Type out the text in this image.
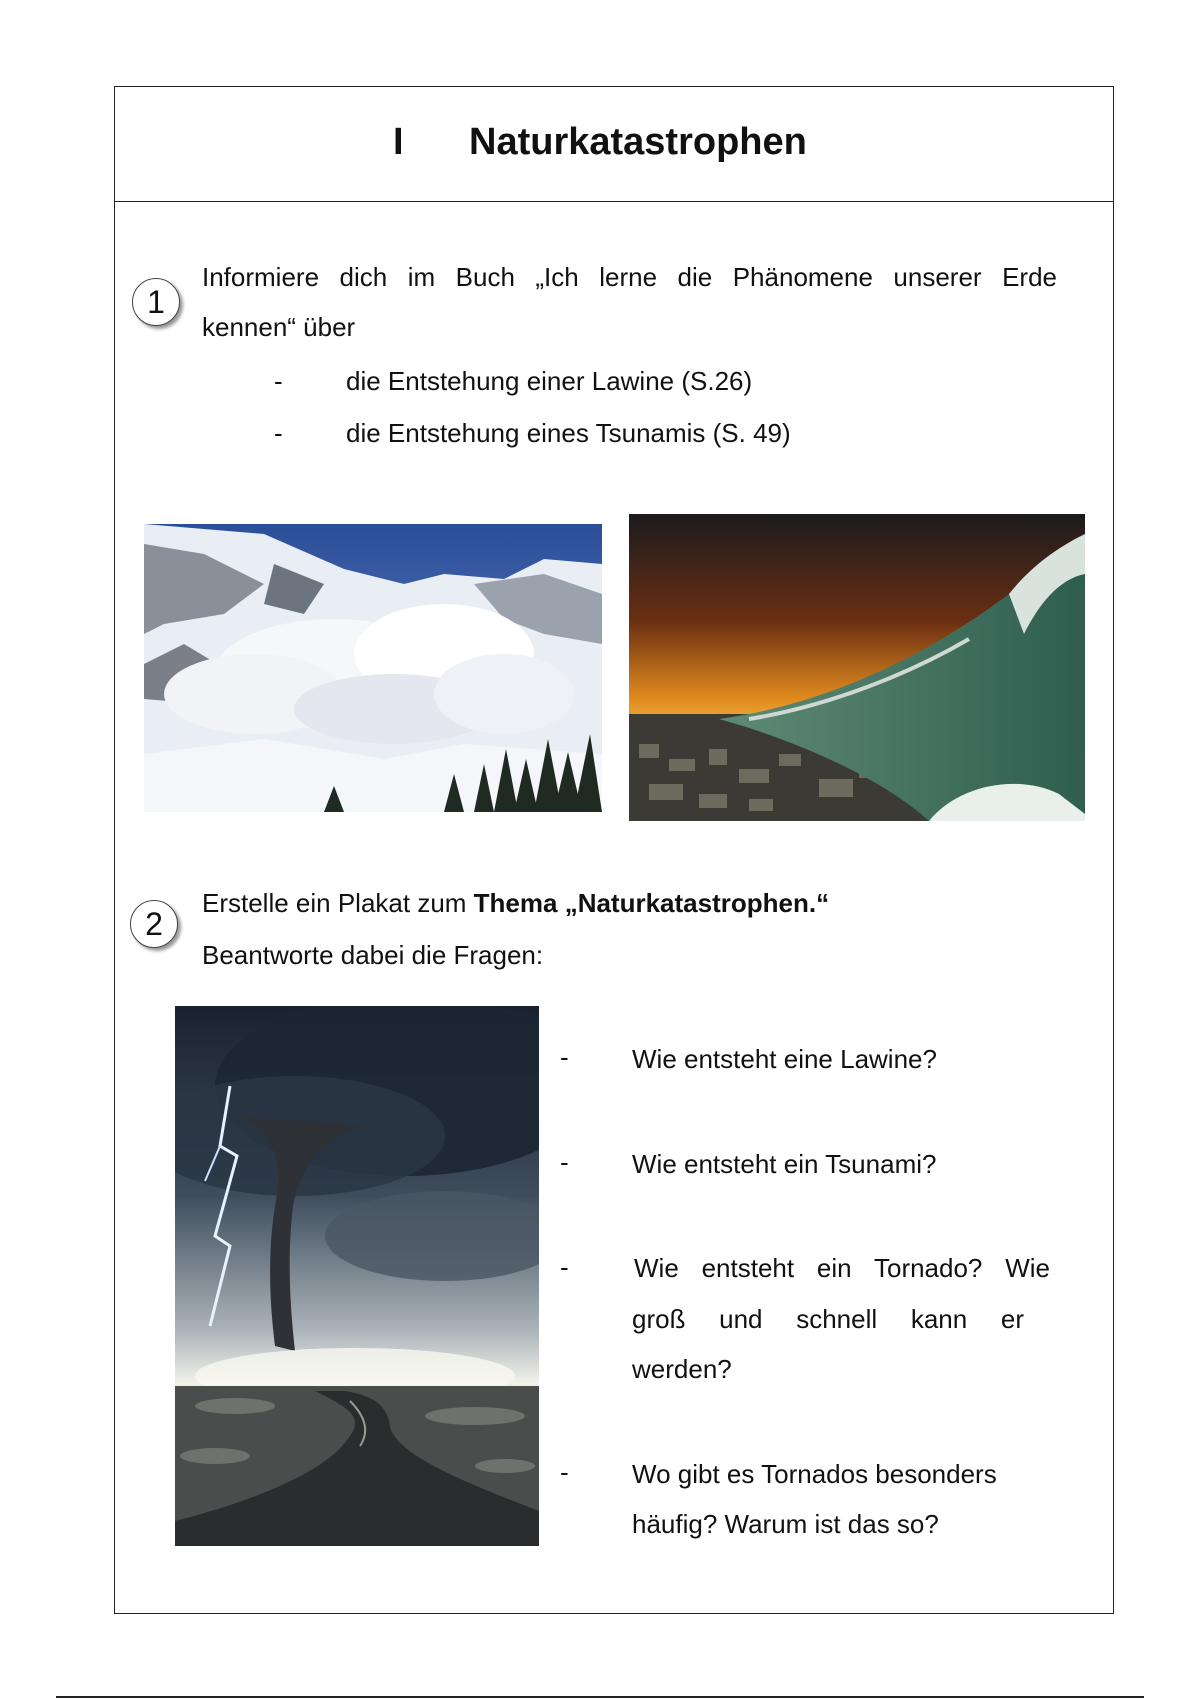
I Naturkatastrophen
1
Informiere dich im Buch „Ich lerne die Phänomene unserer Erde
kennen“ über
- die Entstehung einer Lawine (S.26)
- die Entstehung eines Tsunamis (S. 49)
2
Erstelle ein Plakat zum Thema „Naturkatastrophen.“
Beantworte dabei die Fragen:
- Wie entsteht eine Lawine?
- Wie entsteht ein Tsunami?
-	Wie entsteht ein Tornado? Wie
groß und schnell kann er
werden?
- Wo gibt es Tornados besonders
häufig? Warum ist das so?
